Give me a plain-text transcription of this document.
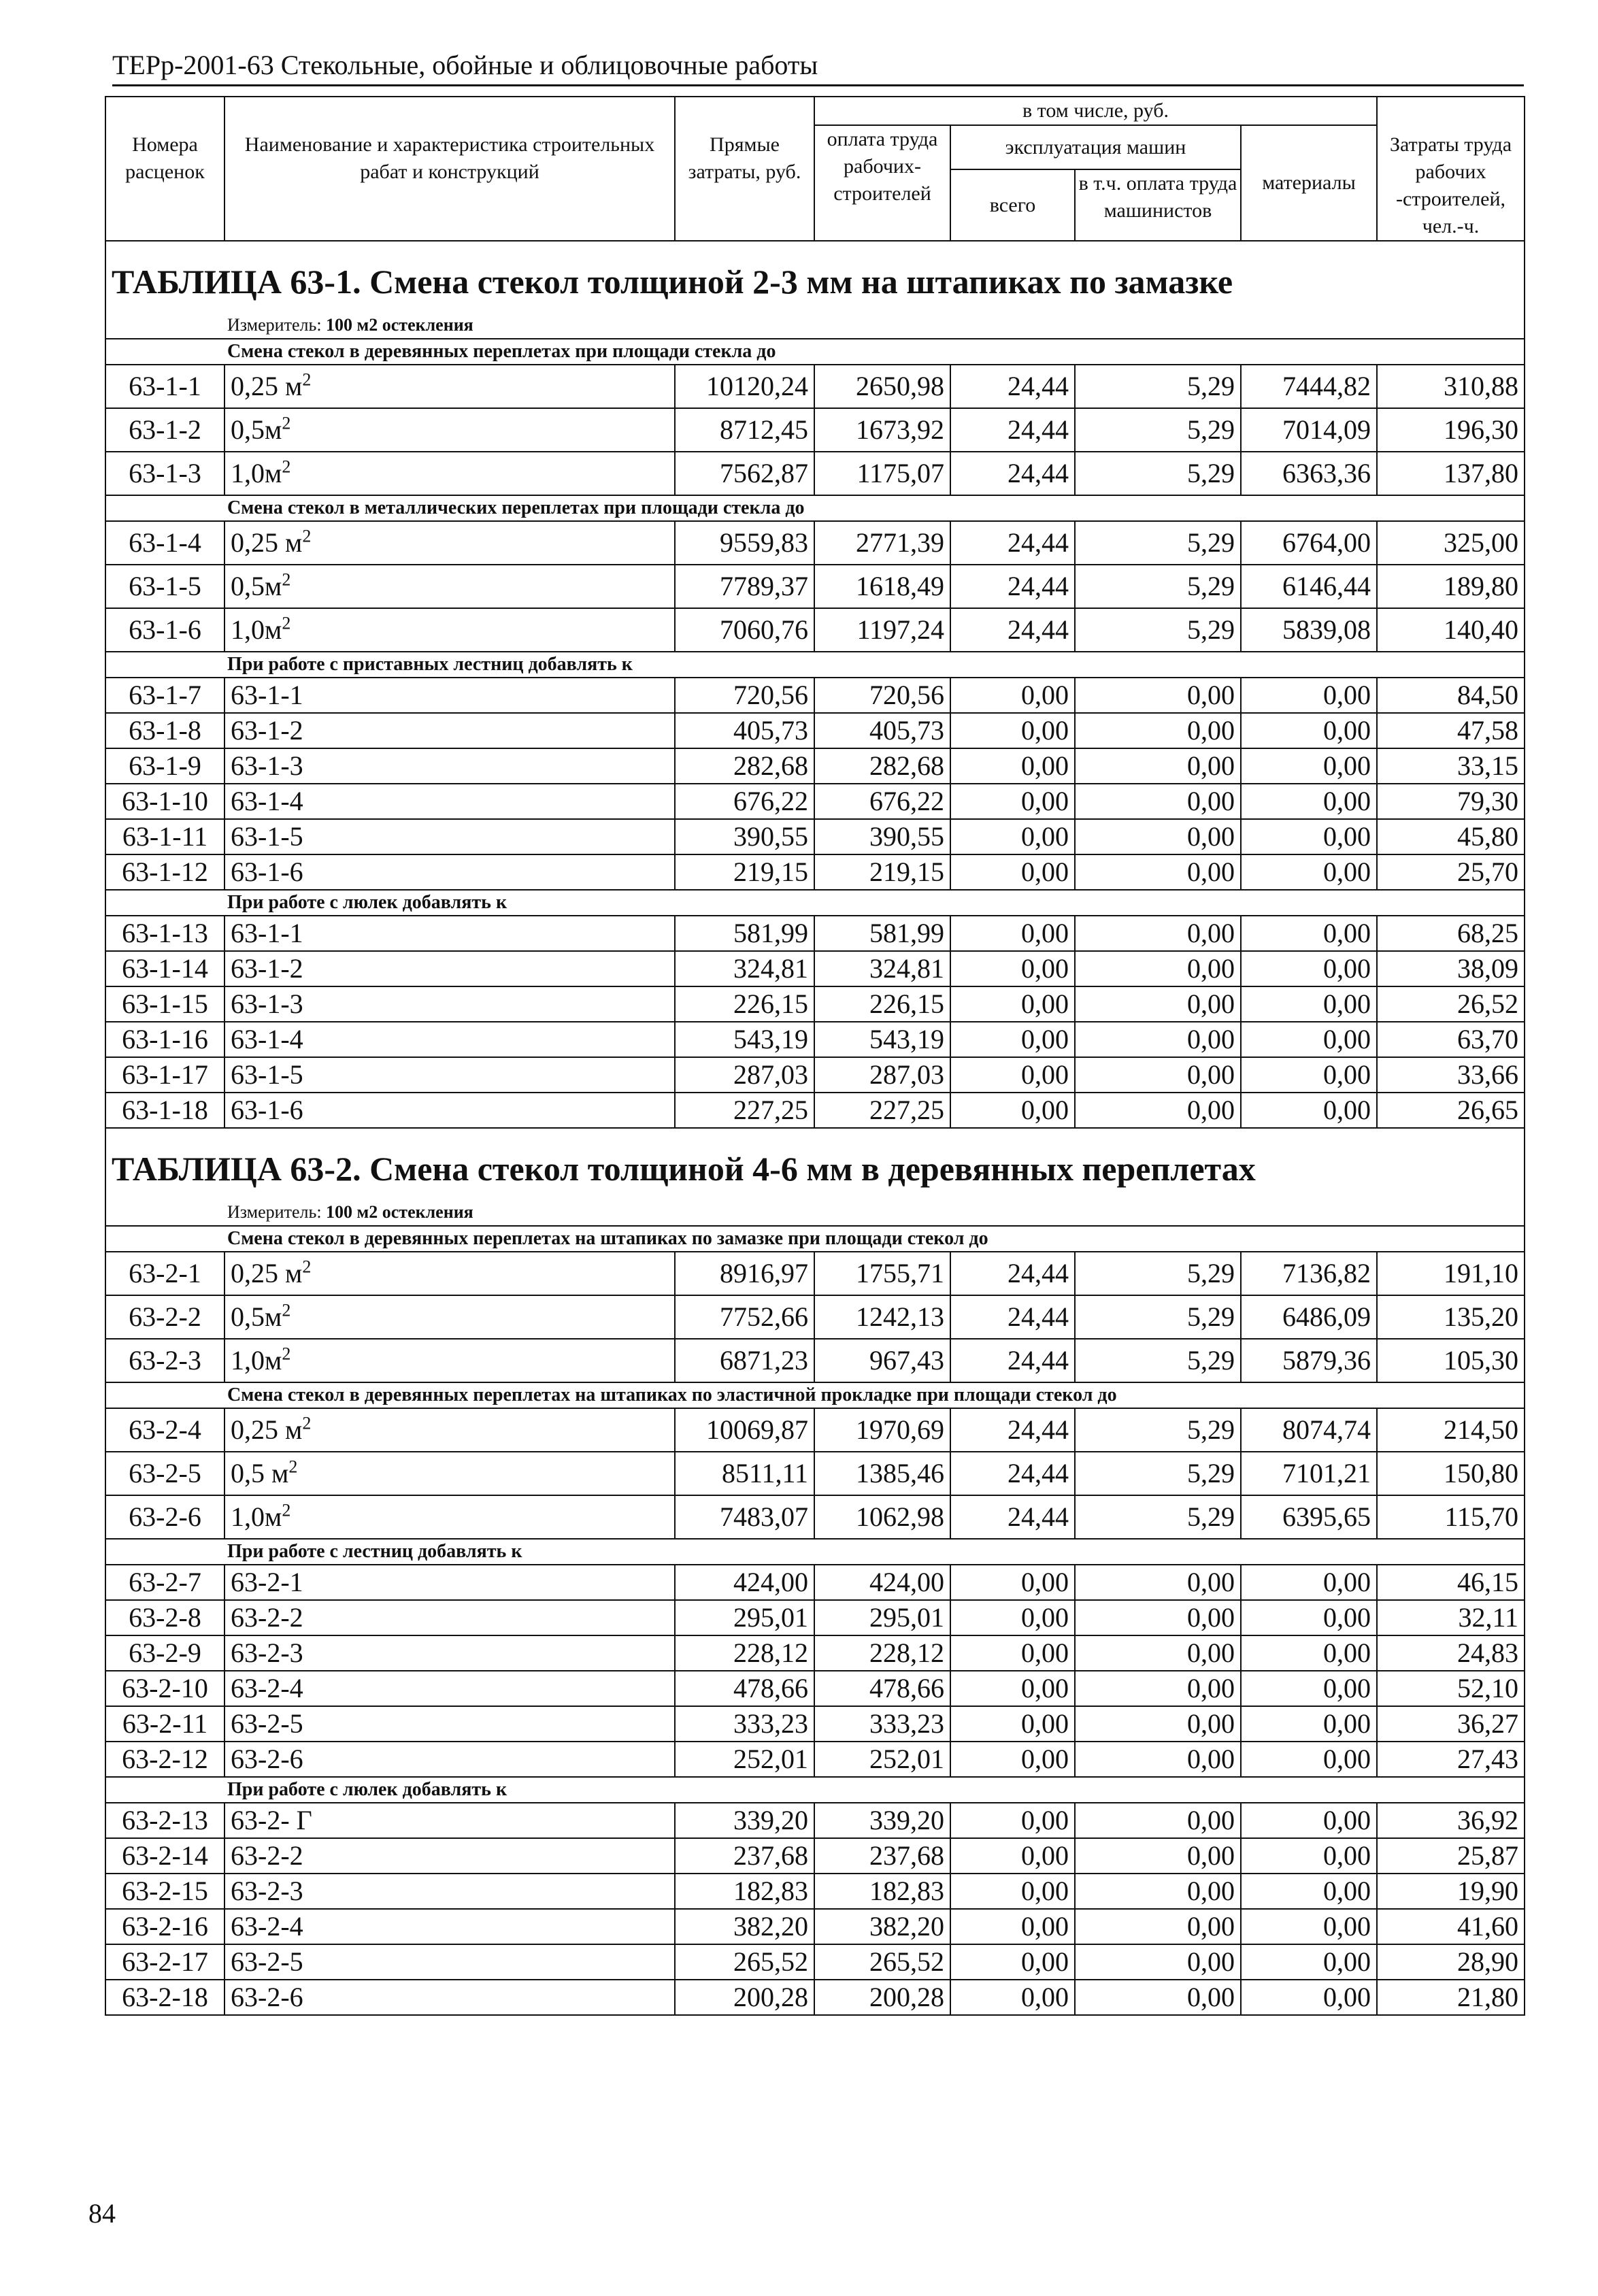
ТЕРр-2001-63 Стекольные, обойные и облицовочные работы
Номера расценок	Наименование и характеристика строительных рабат и конструкций	Прямые затраты, руб.	в том числе, руб.				Затраты труда рабочих -строителей, чел.-ч.
			оплата труда рабочих-строителей	эксплуатация машин		материалы	
				всего	в т.ч. оплата труда машинистов		

ТАБЛИЦА 63-1. Смена стекол толщиной 2-3 мм на штапиках по замазке							
Измеритель: 100 м2 остекления							
Смена стекол в деревянных переплетах при площади стекла до							
63-1-1	0,25 $м^2$	10120,24	2650,98	24,44	5,29	7444,82	310,88
63-1-2	$0,5м^2$	8712,45	1673,92	24,44	5,29	7014,09	196,30
63-1-3	$1,0м^2$	7562,87	1175,07	24,44	5,29	6363,36	137,80
Смена стекол в металлических переплетах при площади стекла до							
63-1-4	0,25 $м^2$	9559,83	2771,39	24,44	5,29	6764,00	325,00
63-1-5	$0,5м^2$	7789,37	1618,49	24,44	5,29	6146,44	189,80
63-1-6	$1,0м^2$	7060,76	1197,24	24,44	5,29	5839,08	140,40
При работе с приставных лестниц добавлять к							
63-1-7	63-1-1	720,56	720,56	0,00	0,00	0,00	84,50
63-1-8	63-1-2	405,73	405,73	0,00	0,00	0,00	47,58
63-1-9	63-1-3	282,68	282,68	0,00	0,00	0,00	33,15
63-1-10	63-1-4	676,22	676,22	0,00	0,00	0,00	79,30
63-1-11	63-1-5	390,55	390,55	0,00	0,00	0,00	45,80
63-1-12	63-1-6	219,15	219,15	0,00	0,00	0,00	25,70
При работе с люлек добавлять к							
63-1-13	63-1-1	581,99	581,99	0,00	0,00	0,00	68,25
63-1-14	63-1-2	324,81	324,81	0,00	0,00	0,00	38,09
63-1-15	63-1-3	226,15	226,15	0,00	0,00	0,00	26,52
63-1-16	63-1-4	543,19	543,19	0,00	0,00	0,00	63,70
63-1-17	63-1-5	287,03	287,03	0,00	0,00	0,00	33,66
63-1-18	63-1-6	227,25	227,25	0,00	0,00	0,00	26,65
ТАБЛИЦА 63-2. Смена стекол толщиной 4-6 мм в деревянных переплетах							
Измеритель: 100 м2 остекления							
Смена стекол в деревянных переплетах на штапиках по замазке при площади стекол до							
63-2-1	0,25 $м^2$	8916,97	1755,71	24,44	5,29	7136,82	191,10
63-2-2	$0,5м^2$	7752,66	1242,13	24,44	5,29	6486,09	135,20
63-2-3	$1,0м^2$	6871,23	967,43	24,44	5,29	5879,36	105,30
Смена стекол в деревянных переплетах на штапиках по эластичной прокладке при площади стекол до							
63-2-4	0,25 $м^2$	10069,87	1970,69	24,44	5,29	8074,74	214,50
63-2-5	0,5 $м^2$	8511,11	1385,46	24,44	5,29	7101,21	150,80
63-2-6	$1,0м^2$	7483,07	1062,98	24,44	5,29	6395,65	115,70
При работе с лестниц добавлять к							
63-2-7	63-2-1	424,00	424,00	0,00	0,00	0,00	46,15
63-2-8	63-2-2	295,01	295,01	0,00	0,00	0,00	32,11
63-2-9	63-2-3	228,12	228,12	0,00	0,00	0,00	24,83
63-2-10	63-2-4	478,66	478,66	0,00	0,00	0,00	52,10
63-2-11	63-2-5	333,23	333,23	0,00	0,00	0,00	36,27
63-2-12	63-2-6	252,01	252,01	0,00	0,00	0,00	27,43
При работе с люлек добавлять к							
63-2-13	63-2- Г	339,20	339,20	0,00	0,00	0,00	36,92
63-2-14	63-2-2	237,68	237,68	0,00	0,00	0,00	25,87
63-2-15	63-2-3	182,83	182,83	0,00	0,00	0,00	19,90
63-2-16	63-2-4	382,20	382,20	0,00	0,00	0,00	41,60
63-2-17	63-2-5	265,52	265,52	0,00	0,00	0,00	28,90
63-2-18	63-2-6	200,28	200,28	0,00	0,00	0,00	21,80
84
